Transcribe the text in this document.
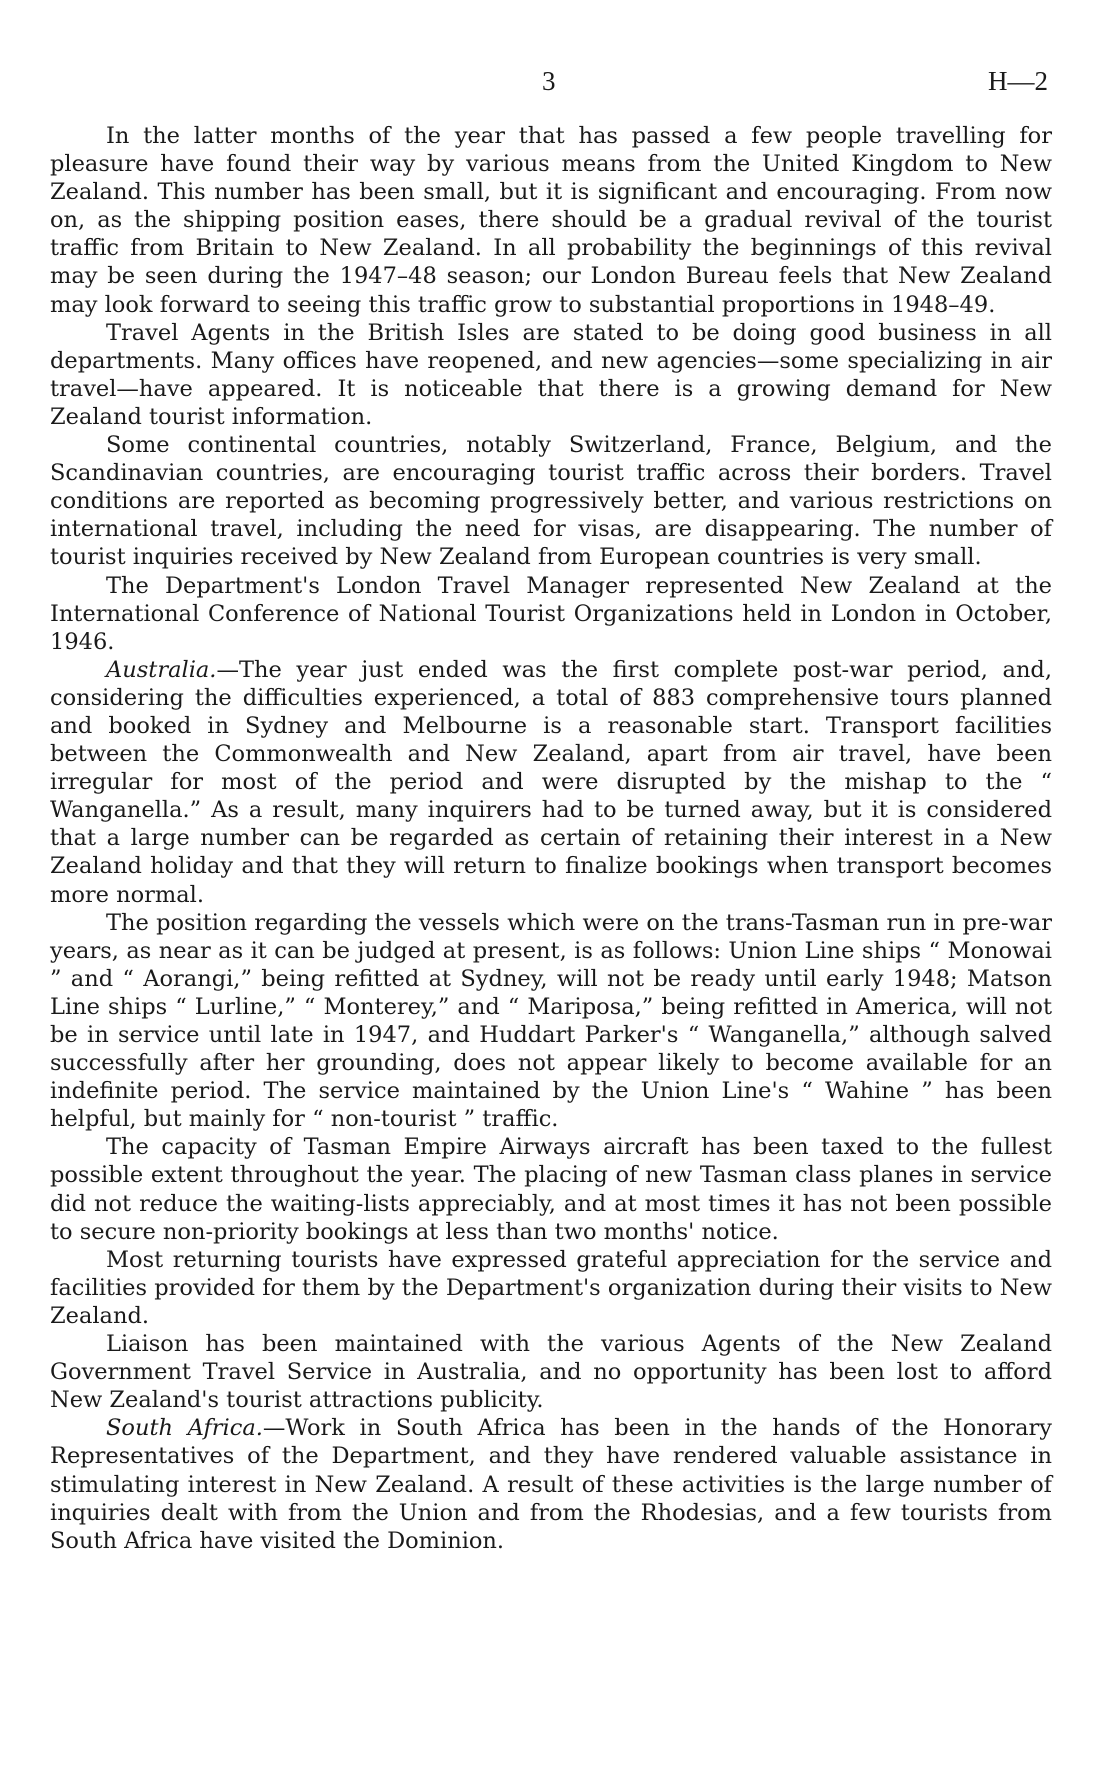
3	H—2

In the latter months of the year that has passed a few people travelling for pleasure have found their way by various means from the United Kingdom to New Zealand. This number has been small, but it is significant and encouraging. From now on, as the shipping position eases, there should be a gradual revival of the tourist traffic from Britain to New Zealand. In all probability the beginnings of this revival may be seen during the 1947–48 season; our London Bureau feels that New Zealand may look forward to seeing this traffic grow to substantial proportions in 1948–49.

Travel Agents in the British Isles are stated to be doing good business in all departments. Many offices have reopened, and new agencies—some specializing in air travel—have appeared. It is noticeable that there is a growing demand for New Zealand tourist information.

Some continental countries, notably Switzerland, France, Belgium, and the Scandinavian countries, are encouraging tourist traffic across their borders. Travel conditions are reported as becoming progressively better, and various restrictions on international travel, including the need for visas, are disappearing. The number of tourist inquiries received by New Zealand from European countries is very small.

The Department's London Travel Manager represented New Zealand at the International Conference of National Tourist Organizations held in London in October, 1946.

Australia.—The year just ended was the first complete post-war period, and, considering the difficulties experienced, a total of 883 comprehensive tours planned and booked in Sydney and Melbourne is a reasonable start. Transport facilities between the Commonwealth and New Zealand, apart from air travel, have been irregular for most of the period and were disrupted by the mishap to the “ Wanganella.” As a result, many inquirers had to be turned away, but it is considered that a large number can be regarded as certain of retaining their interest in a New Zealand holiday and that they will return to finalize bookings when transport becomes more normal.

The position regarding the vessels which were on the trans-Tasman run in pre-war years, as near as it can be judged at present, is as follows: Union Line ships “ Monowai ” and “ Aorangi,” being refitted at Sydney, will not be ready until early 1948; Matson Line ships “ Lurline,” “ Monterey,” and “ Mariposa,” being refitted in America, will not be in service until late in 1947, and Huddart Parker's “ Wanganella,” although salved successfully after her grounding, does not appear likely to become available for an indefinite period. The service maintained by the Union Line's “ Wahine ” has been helpful, but mainly for “ non-tourist ” traffic.

The capacity of Tasman Empire Airways aircraft has been taxed to the fullest possible extent throughout the year. The placing of new Tasman class planes in service did not reduce the waiting-lists appreciably, and at most times it has not been possible to secure non-priority bookings at less than two months' notice.

Most returning tourists have expressed grateful appreciation for the service and facilities provided for them by the Department's organization during their visits to New Zealand.

Liaison has been maintained with the various Agents of the New Zealand Government Travel Service in Australia, and no opportunity has been lost to afford New Zealand's tourist attractions publicity.

South Africa.—Work in South Africa has been in the hands of the Honorary Representatives of the Department, and they have rendered valuable assistance in stimulating interest in New Zealand. A result of these activities is the large number of inquiries dealt with from the Union and from the Rhodesias, and a few tourists from South Africa have visited the Dominion.
